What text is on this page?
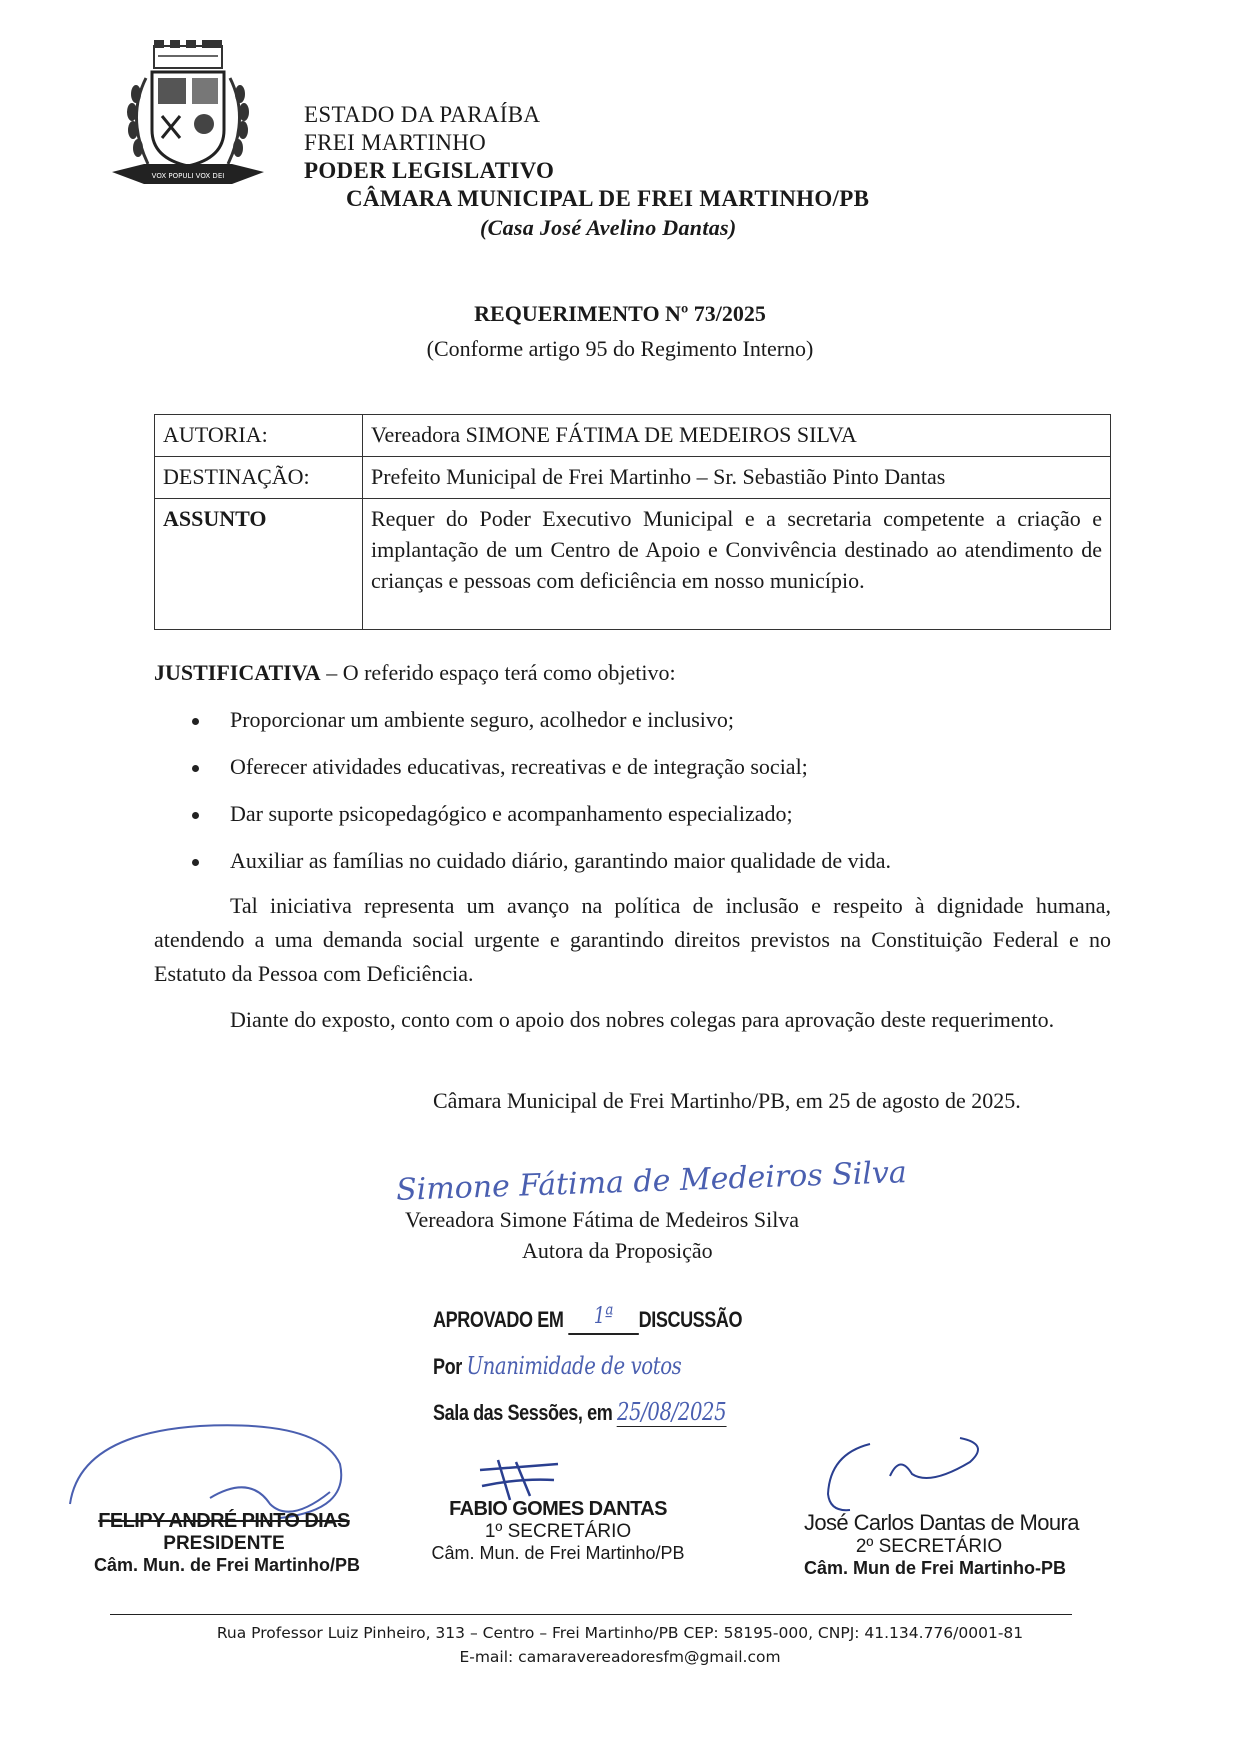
VOX POPULI VOX DEI
ESTADO DA PARAÍBA
FREI MARTINHO
PODER LEGISLATIVO
CÂMARA MUNICIPAL DE FREI MARTINHO/PB
(Casa José Avelino Dantas)
REQUERIMENTO Nº 73/2025
(Conforme artigo 95 do Regimento Interno)
AUTORIA:	Vereadora SIMONE FÁTIMA DE MEDEIROS SILVA
DESTINAÇÃO:	Prefeito Municipal de Frei Martinho – Sr. Sebastião Pinto Dantas
ASSUNTO	Requer do Poder Executivo Municipal e a secretaria competente a criação e implantação de um Centro de Apoio e Convivência destinado ao atendimento de crianças e pessoas com deficiência em nosso município.
JUSTIFICATIVA – O referido espaço terá como objetivo:
Proporcionar um ambiente seguro, acolhedor e inclusivo;
Oferecer atividades educativas, recreativas e de integração social;
Dar suporte psicopedagógico e acompanhamento especializado;
Auxiliar as famílias no cuidado diário, garantindo maior qualidade de vida.
Tal iniciativa representa um avanço na política de inclusão e respeito à dignidade humana, atendendo a uma demanda social urgente e garantindo direitos previstos na Constituição Federal e no Estatuto da Pessoa com Deficiência.
Diante do exposto, conto com o apoio dos nobres colegas para aprovação deste requerimento.
Câmara Municipal de Frei Martinho/PB, em 25 de agosto de 2025.
Simone Fátima de Medeiros Silva
Vereadora Simone Fátima de Medeiros Silva
Autora da Proposição
APROVADO EM 1ª DISCUSSÃO
Por Unanimidade de votos
Sala das Sessões, em 25/08/2025
FELIPY ANDRÉ PINTO DIAS
PRESIDENTE
Câm. Mun. de Frei Martinho/PB
FABIO GOMES DANTAS
1º SECRETÁRIO
Câm. Mun. de Frei Martinho/PB
José Carlos Dantas de Moura
2º SECRETÁRIO
Câm. Mun de Frei Martinho-PB
Rua Professor Luiz Pinheiro, 313 – Centro – Frei Martinho/PB CEP: 58195-000, CNPJ: 41.134.776/0001-81
E-mail: camaravereadoresfm@gmail.com
